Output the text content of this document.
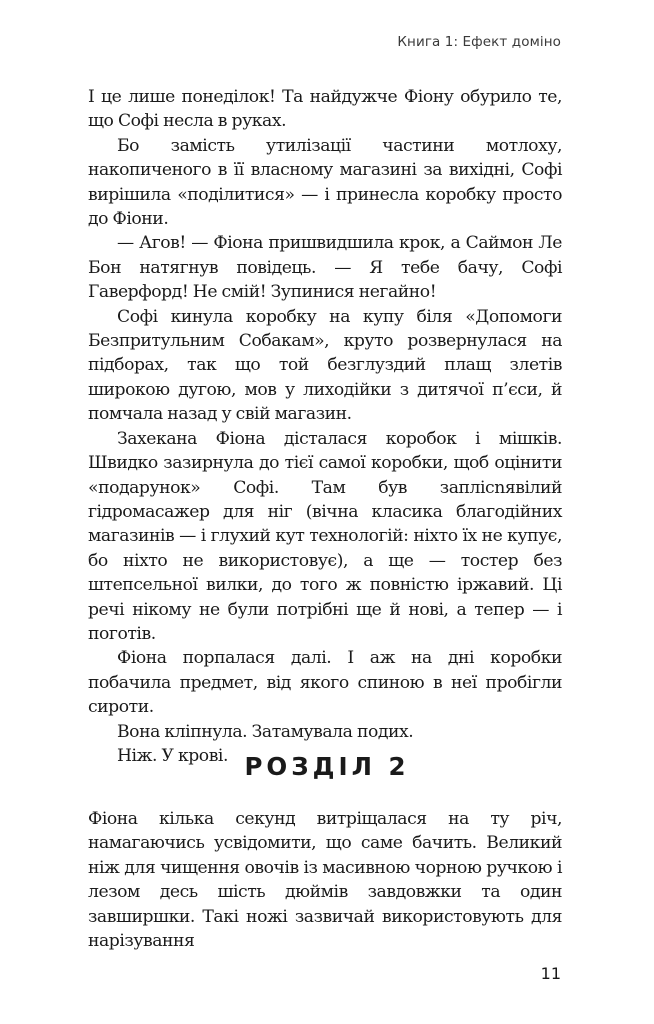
Книга 1: Ефект доміно

І це лише понеділок! Та найдужче Фіону обурило те, що Софі несла в руках.

Бо замість утилізації частини мотлоху, накопиченого в її власному магазині за вихідні, Софі вирішила «поділитися» — і принесла коробку просто до Фіони.

— Агов! — Фіона пришвидшила крок, а Саймон Ле Бон натягнув повідець. — Я тебе бачу, Софі Гаверфорд! Не смій! Зупинися негайно!

Софі кинула коробку на купу біля «Допомоги Безпритульним Собакам», круто розвернулася на підборах, так що той безглуздий плащ злетів широкою дугою, мов у лиходійки з дитячої п’єси, й помчала назад у свій магазин.

Захекана Фіона дісталася коробок і мішків. Швидко зазирнула до тієї самої коробки, щоб оцінити «подарунок» Софі. Там був заплісnявілий гідромасажер для ніг (вічна класика благодійних магазинів — і глухий кут технологій: ніхто їх не купує, бо ніхто не використовує), а ще — тостер без штепсельної вилки, до того ж повністю іржавий. Ці речі нікому не були потрібні ще й нові, а тепер — і поготів.

Фіона порпалася далі. І аж на дні коробки побачила предмет, від якого спиною в неї пробігли сироти.

Вона кліпнула. Затамувала подих.

Ніж. У крові. РОЗДІЛ 2

Фіона кілька секунд витріщалася на ту річ, намагаючись усвідомити, що саме бачить. Великий ніж для чищення овочів із масивною чорною ручкою і лезом десь шість дюймів завдовжки та один завширшки. Такі ножі зазвичай використовують для нарізування

11
